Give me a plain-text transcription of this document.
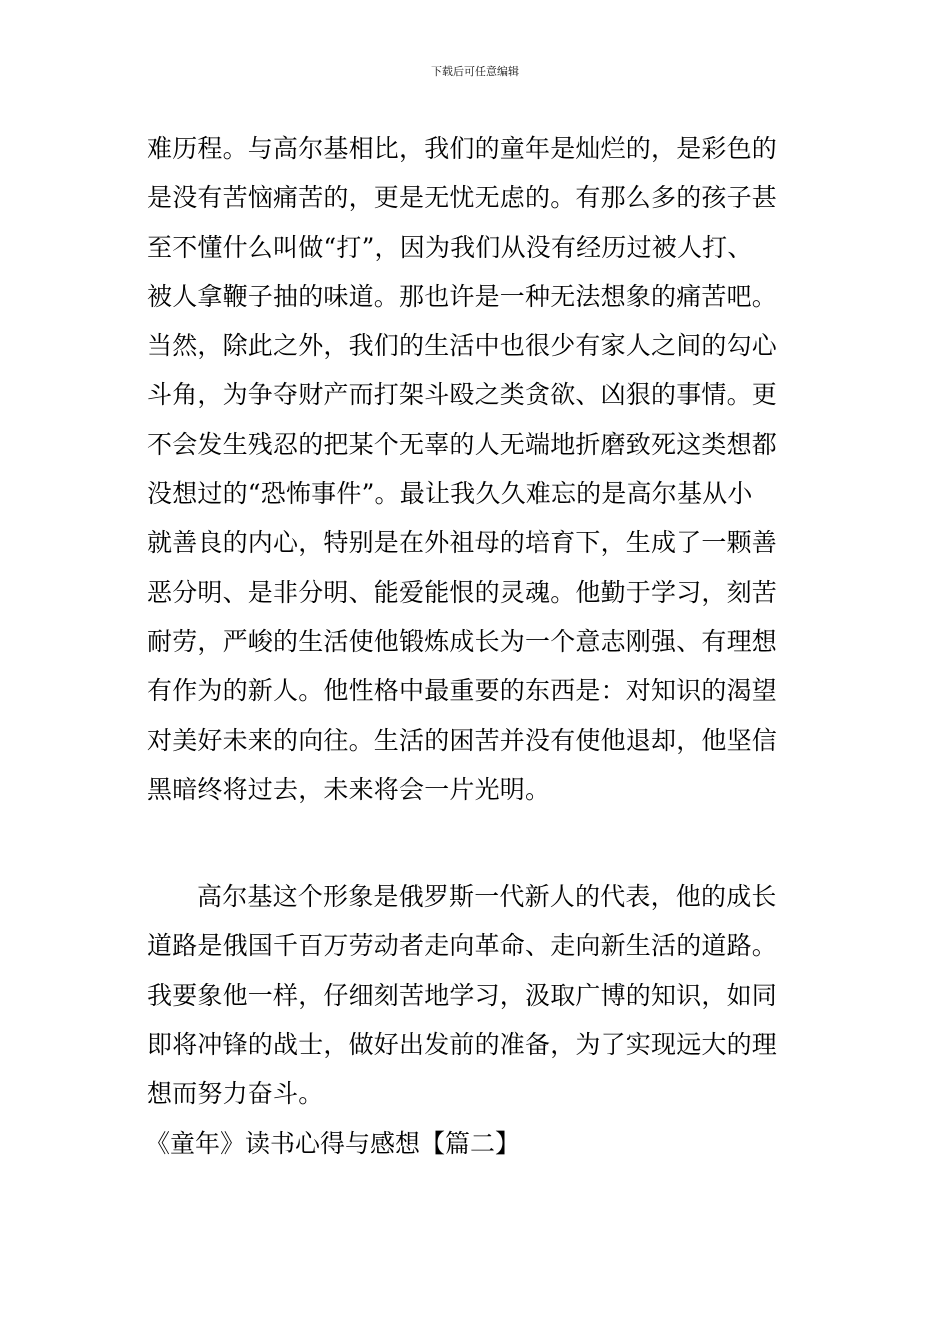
下载后可任意编辑
难历程。与高尔基相比，我们的童年是灿烂的，是彩色的
是没有苦恼痛苦的，更是无忧无虑的。有那么多的孩子甚
至不懂什么叫做“打”，因为我们从没有经历过被人打、
被人拿鞭子抽的味道。那也许是一种无法想象的痛苦吧。
当然，除此之外，我们的生活中也很少有家人之间的勾心
斗角，为争夺财产而打架斗殴之类贪欲、凶狠的事情。更
不会发生残忍的把某个无辜的人无端地折磨致死这类想都
没想过的“恐怖事件”。最让我久久难忘的是高尔基从小
就善良的内心，特别是在外祖母的培育下，生成了一颗善
恶分明、是非分明、能爱能恨的灵魂。他勤于学习，刻苦
耐劳，严峻的生活使他锻炼成长为一个意志刚强、有理想
有作为的新人。他性格中最重要的东西是：对知识的渴望
对美好未来的向往。生活的困苦并没有使他退却，他坚信
黑暗终将过去，未来将会一片光明。
高尔基这个形象是俄罗斯一代新人的代表，他的成长
道路是俄国千百万劳动者走向革命、走向新生活的道路。
我要象他一样，仔细刻苦地学习，汲取广博的知识，如同
即将冲锋的战士，做好出发前的准备，为了实现远大的理
想而努力奋斗。
《童年》读书心得与感想【篇二】
